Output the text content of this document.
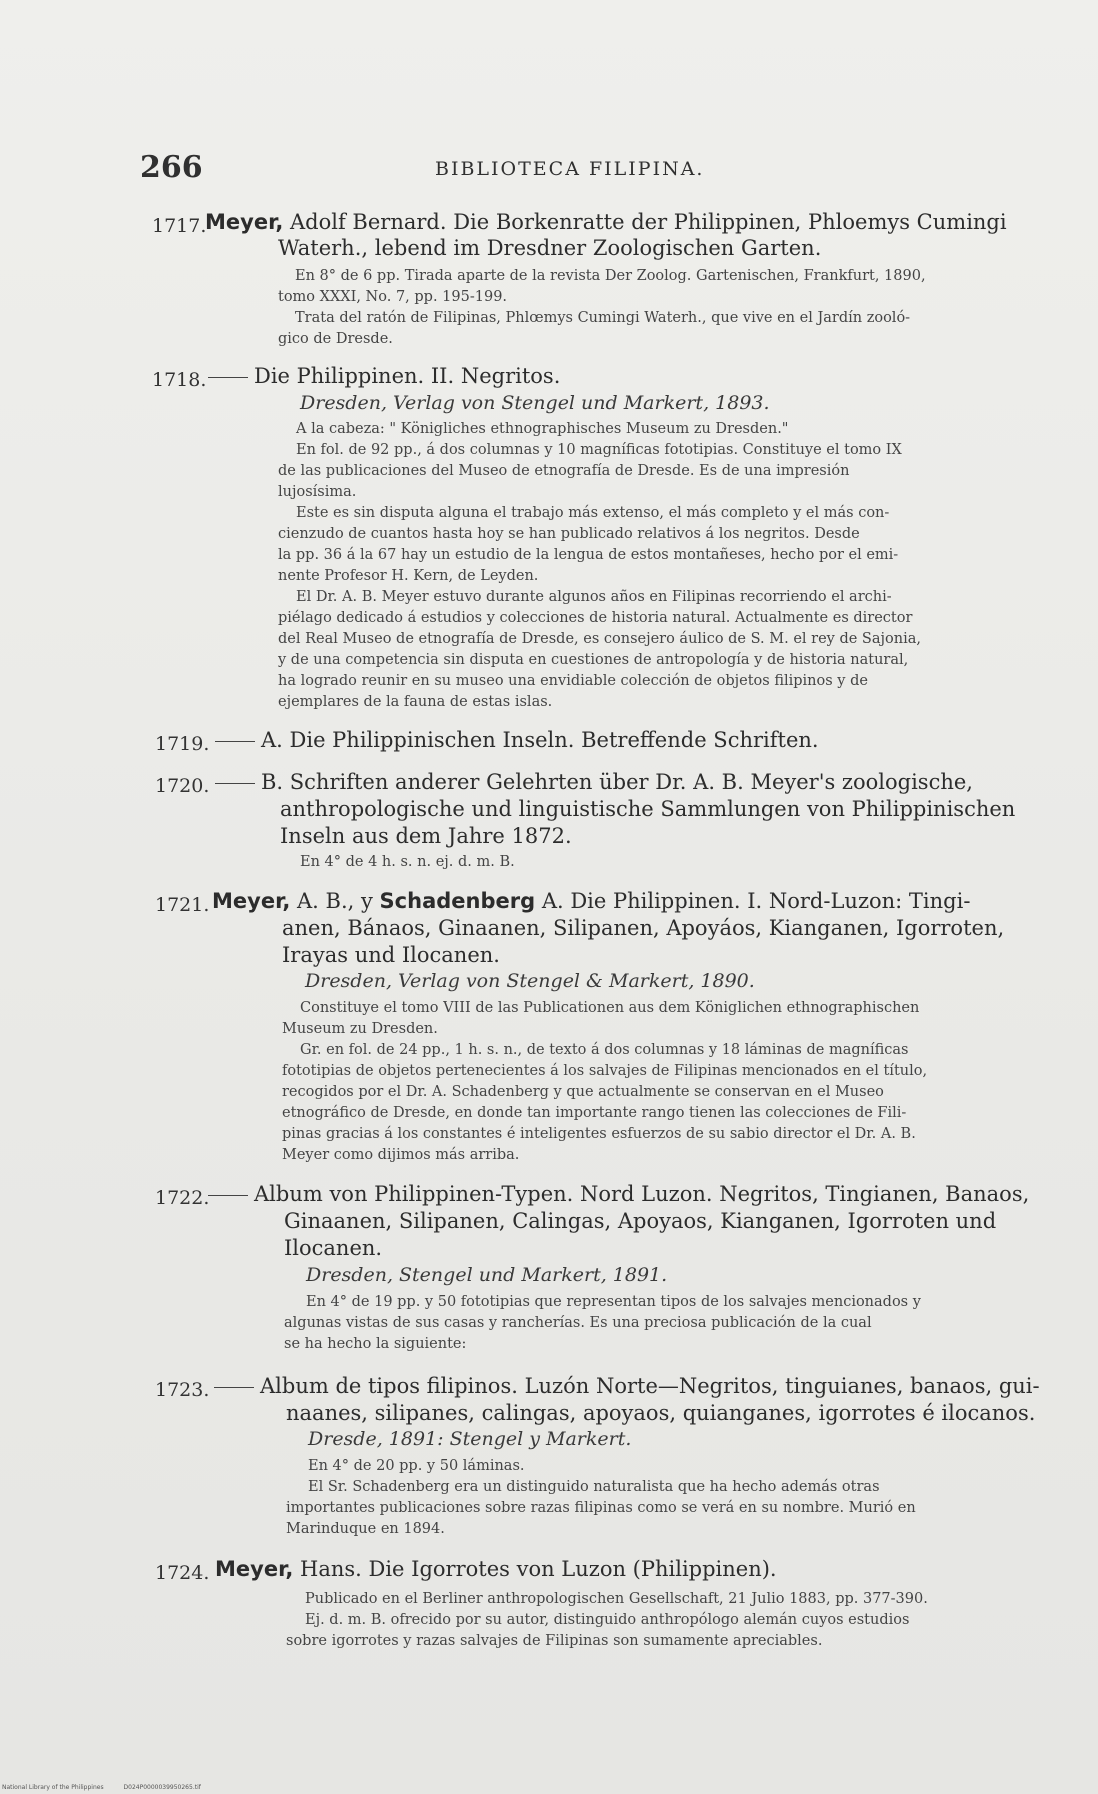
266	BIBLIOTECA FILIPINA.
1717.
Meyer, Adolf Bernard. Die Borkenratte der Philippinen, Phloemys Cumingi
Waterh., lebend im Dresdner Zoologischen Garten.
En 8° de 6 pp. Tirada aparte de la revista Der Zoolog. Gartenischen, Frankfurt, 1890,
tomo XXXI, No. 7, pp. 195-199.
Trata del ratón de Filipinas, Phlœmys Cumingi Waterh., que vive en el Jardín zooló-
gico de Dresde.
1718.	Die Philippinen. II. Negritos.
Dresden, Verlag von Stengel und Markert, 1893.
A la cabeza: " Königliches ethnographisches Museum zu Dresden."
En fol. de 92 pp., á dos columnas y 10 magníficas fototipias. Constituye el tomo IX
de las publicaciones del Museo de etnografía de Dresde. Es de una impresión
lujosísima.
Este es sin disputa alguna el trabajo más extenso, el más completo y el más con-
cienzudo de cuantos hasta hoy se han publicado relativos á los negritos. Desde
la pp. 36 á la 67 hay un estudio de la lengua de estos montañeses, hecho por el emi-
nente Profesor H. Kern, de Leyden.
El Dr. A. B. Meyer estuvo durante algunos años en Filipinas recorriendo el archi-
piélago dedicado á estudios y colecciones de historia natural. Actualmente es director
del Real Museo de etnografía de Dresde, es consejero áulico de S. M. el rey de Sajonia,
y de una competencia sin disputa en cuestiones de antropología y de historia natural,
ha logrado reunir en su museo una envidiable colección de objetos filipinos y de
ejemplares de la fauna de estas islas.
1719.	A. Die Philippinischen Inseln. Betreffende Schriften.
1720.	B. Schriften anderer Gelehrten über Dr. A. B. Meyer's zoologische,
anthropologische und linguistische Sammlungen von Philippinischen
Inseln aus dem Jahre 1872.
En 4° de 4 h. s. n. ej. d. m. B.
1721. Meyer, A. B., y Schadenberg A. Die Philippinen. I. Nord-Luzon: Tingi-
anen, Bánaos, Ginaanen, Silipanen, Apoyáos, Kianganen, Igorroten,
Irayas und Ilocanen.
Dresden, Verlag von Stengel & Markert, 1890.
Constituye el tomo VIII de las Publicationen aus dem Königlichen ethnographischen
Museum zu Dresden.
Gr. en fol. de 24 pp., 1 h. s. n., de texto á dos columnas y 18 láminas de magníficas
fototipias de objetos pertenecientes á los salvajes de Filipinas mencionados en el título,
recogidos por el Dr. A. Schadenberg y que actualmente se conservan en el Museo
etnográfico de Dresde, en donde tan importante rango tienen las colecciones de Fili-
pinas gracias á los constantes é inteligentes esfuerzos de su sabio director el Dr. A. B.
Meyer como dijimos más arriba.
1722.	Album von Philippinen-Typen. Nord Luzon. Negritos, Tingianen, Banaos,
Ginaanen, Silipanen, Calingas, Apoyaos, Kianganen, Igorroten und
Ilocanen.
Dresden, Stengel und Markert, 1891.
En 4° de 19 pp. y 50 fototipias que representan tipos de los salvajes mencionados y
algunas vistas de sus casas y rancherías. Es una preciosa publicación de la cual
se ha hecho la siguiente:
1723.	Album de tipos filipinos. Luzón Norte—Negritos, tinguianes, banaos, gui-
naanes, silipanes, calingas, apoyaos, quianganes, igorrotes é ilocanos.
Dresde, 1891: Stengel y Markert.
En 4° de 20 pp. y 50 láminas.
El Sr. Schadenberg era un distinguido naturalista que ha hecho además otras
importantes publicaciones sobre razas filipinas como se verá en su nombre. Murió en
Marinduque en 1894.
1724. Meyer, Hans. Die Igorrotes von Luzon (Philippinen).
Publicado en el Berliner anthropologischen Gesellschaft, 21 Julio 1883, pp. 377-390.
Ej. d. m. B. ofrecido por su autor, distinguido anthropólogo alemán cuyos estudios
sobre igorrotes y razas salvajes de Filipinas son sumamente apreciables.
National Library of the Philippines	D024P0000039950265.tif
